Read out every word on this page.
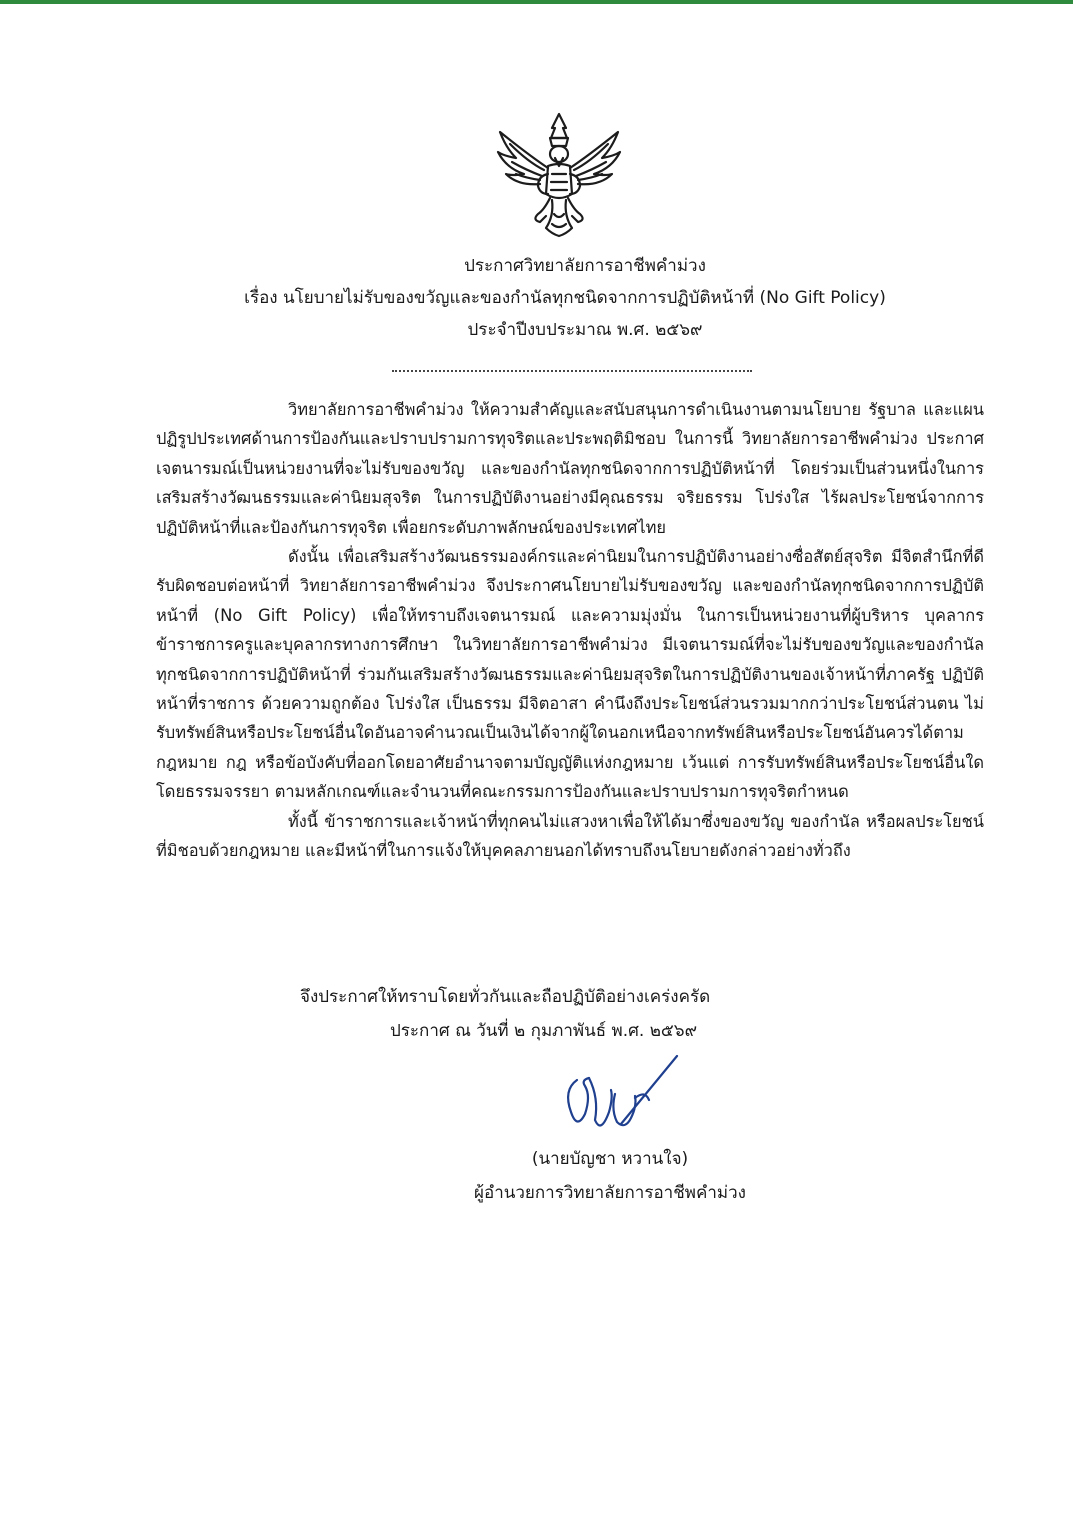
ประกาศวิทยาลัยการอาชีพคำม่วง
เรื่อง นโยบายไม่รับของขวัญและของกำนัลทุกชนิดจากการปฏิบัติหน้าที่ (No Gift Policy)
ประจำปีงบประมาณ พ.ศ. ๒๕๖๙

วิทยาลัยการอาชีพคำม่วง ให้ความสำคัญและสนับสนุนการดำเนินงานตามนโยบาย รัฐบาล และแผนปฏิรูปประเทศด้านการป้องกันและปราบปรามการทุจริตและประพฤติมิชอบ ในการนี้ วิทยาลัยการอาชีพคำม่วง ประกาศเจตนารมณ์เป็นหน่วยงานที่จะไม่รับของขวัญ และของกำนัลทุกชนิดจากการปฏิบัติหน้าที่ โดยร่วมเป็นส่วนหนึ่งในการเสริมสร้างวัฒนธรรมและค่านิยมสุจริต ในการปฏิบัติงานอย่างมีคุณธรรม จริยธรรม โปร่งใส ไร้ผลประโยชน์จากการปฏิบัติหน้าที่และป้องกันการทุจริต เพื่อยกระดับภาพลักษณ์ของประเทศไทย

ดังนั้น เพื่อเสริมสร้างวัฒนธรรมองค์กรและค่านิยมในการปฏิบัติงานอย่างซื่อสัตย์สุจริต มีจิตสำนึกที่ดี รับผิดชอบต่อหน้าที่ วิทยาลัยการอาชีพคำม่วง จึงประกาศนโยบายไม่รับของขวัญ และของกำนัลทุกชนิดจากการปฏิบัติหน้าที่ (No Gift Policy) เพื่อให้ทราบถึงเจตนารมณ์ และความมุ่งมั่น ในการเป็นหน่วยงานที่ผู้บริหาร บุคลากร ข้าราชการครูและบุคลากรทางการศึกษา ในวิทยาลัยการอาชีพคำม่วง มีเจตนารมณ์ที่จะไม่รับของขวัญและของกำนัลทุกชนิดจากการปฏิบัติหน้าที่ ร่วมกันเสริมสร้างวัฒนธรรมและค่านิยมสุจริตในการปฏิบัติงานของเจ้าหน้าที่ภาครัฐ ปฏิบัติหน้าที่ราชการ ด้วยความถูกต้อง โปร่งใส เป็นธรรม มีจิตอาสา คำนึงถึงประโยชน์ส่วนรวมมากกว่าประโยชน์ส่วนตน ไม่รับทรัพย์สินหรือประโยชน์อื่นใดอันอาจคำนวณเป็นเงินได้จากผู้ใดนอกเหนือจากทรัพย์สินหรือประโยชน์อันควรได้ตามกฎหมาย กฎ หรือข้อบังคับที่ออกโดยอาศัยอำนาจตามบัญญัติแห่งกฎหมาย เว้นแต่ การรับทรัพย์สินหรือประโยชน์อื่นใด โดยธรรมจรรยา ตามหลักเกณฑ์และจำนวนที่คณะกรรมการป้องกันและปราบปรามการทุจริตกำหนด

ทั้งนี้ ข้าราชการและเจ้าหน้าที่ทุกคนไม่แสวงหาเพื่อให้ได้มาซึ่งของขวัญ ของกำนัล หรือผลประโยชน์ที่มิชอบด้วยกฎหมาย และมีหน้าที่ในการแจ้งให้บุคคลภายนอกได้ทราบถึงนโยบายดังกล่าวอย่างทั่วถึง

จึงประกาศให้ทราบโดยทั่วกันและถือปฏิบัติอย่างเคร่งครัด
ประกาศ ณ วันที่ ๒ กุมภาพันธ์ พ.ศ. ๒๕๖๙
(นายบัญชา หวานใจ)
ผู้อำนวยการวิทยาลัยการอาชีพคำม่วง
